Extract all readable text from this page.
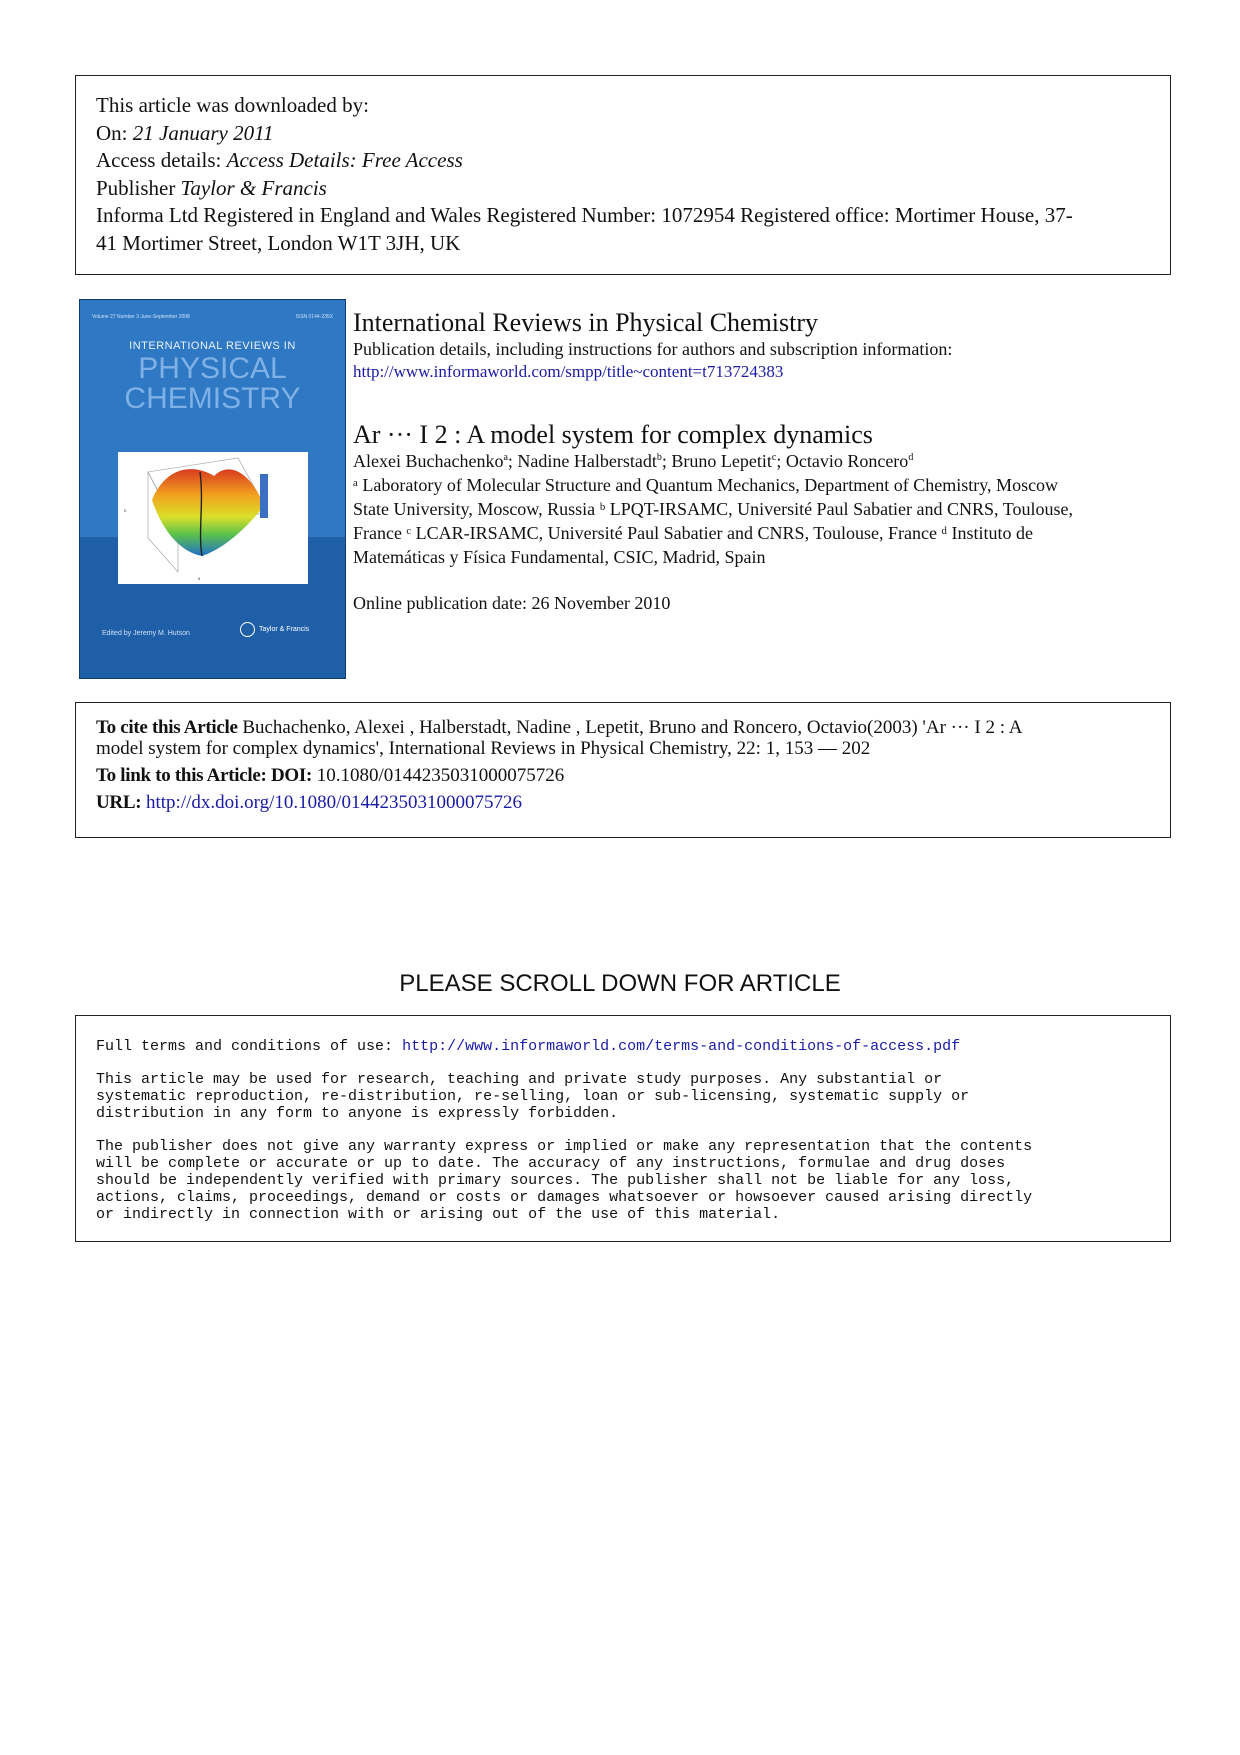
This article was downloaded by:
On: 21 January 2011
Access details: Access Details: Free Access
Publisher Taylor & Francis
Informa Ltd Registered in England and Wales Registered Number: 1072954 Registered office: Mortimer House, 37-
41 Mortimer Street, London W1T 3JH, UK
Volume 27 Number 3 June-September 2008	ISSN 0144-235X
INTERNATIONAL REVIEWS IN
PHYSICAL
CHEMISTRY
E
θ
Edited by Jeremy M. Hutson
Taylor & Francis
International Reviews in Physical Chemistry
Publication details, including instructions for authors and subscription information:
http://www.informaworld.com/smpp/title~content=t713724383
Ar ··· I 2 : A model system for complex dynamics
Alexei Buchachenko$^a$; Nadine Halberstadt$^b$; Bruno Lepetit$^c$; Octavio Roncero$^d$
ᵃ Laboratory of Molecular Structure and Quantum Mechanics, Department of Chemistry, Moscow
State University, Moscow, Russia ᵇ LPQT-IRSAMC, Université Paul Sabatier and CNRS, Toulouse,
France ᶜ LCAR-IRSAMC, Université Paul Sabatier and CNRS, Toulouse, France ᵈ Instituto de
Matemáticas y Física Fundamental, CSIC, Madrid, Spain
Online publication date: 26 November 2010
To cite this Article Buchachenko, Alexei , Halberstadt, Nadine , Lepetit, Bruno and Roncero, Octavio(2003) 'Ar ··· I 2 : A
model system for complex dynamics', International Reviews in Physical Chemistry, 22: 1, 153 — 202
To link to this Article: DOI: 10.1080/0144235031000075726
URL: http://dx.doi.org/10.1080/0144235031000075726
PLEASE SCROLL DOWN FOR ARTICLE

Full terms and conditions of use: http://www.informaworld.com/terms-and-conditions-of-access.pdf

This article may be used for research, teaching and private study purposes. Any substantial or
systematic reproduction, re-distribution, re-selling, loan or sub-licensing, systematic supply or
distribution in any form to anyone is expressly forbidden.

The publisher does not give any warranty express or implied or make any representation that the contents
will be complete or accurate or up to date. The accuracy of any instructions, formulae and drug doses
should be independently verified with primary sources. The publisher shall not be liable for any loss,
actions, claims, proceedings, demand or costs or damages whatsoever or howsoever caused arising directly
or indirectly in connection with or arising out of the use of this material.
